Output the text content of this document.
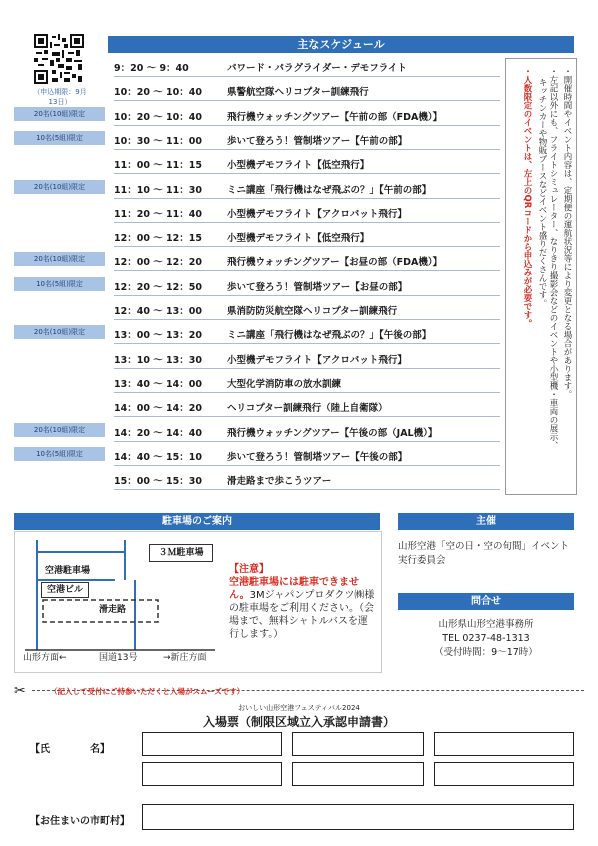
（申込期限：9月13日）
主なスケジュール
9：20 ～ 9：40	パワード・パラグライダー・デモフライト
10：20 ～ 10：40	県警航空隊ヘリコプター訓練飛行
20名(10組)限定	10：20 ～ 10：40	飛行機ウォッチングツアー【午前の部（FDA機）】
10名(5組)限定	10：30 ～ 11：00	歩いて登ろう！管制塔ツアー【午前の部】
11：00 ～ 11：15	小型機デモフライト【低空飛行】
20名(10組)限定	11：10 ～ 11：30	ミニ講座「飛行機はなぜ飛ぶの？」【午前の部】
11：20 ～ 11：40	小型機デモフライト【アクロバット飛行】
12：00 ～ 12：15	小型機デモフライト【低空飛行】
20名(10組)限定	12：00 ～ 12：20	飛行機ウォッチングツアー【お昼の部（FDA機）】
10名(5組)限定	12：20 ～ 12：50	歩いて登ろう！管制塔ツアー【お昼の部】
12：40 ～ 13：00	県消防防災航空隊ヘリコプター訓練飛行
20名(10組)限定	13：00 ～ 13：20	ミニ講座「飛行機はなぜ飛ぶの？」【午後の部】
13：10 ～ 13：30	小型機デモフライト【アクロバット飛行】
13：40 ～ 14：00	大型化学消防車の放水訓練
14：00 ～ 14：20	ヘリコプター訓練飛行（陸上自衛隊）
20名(10組)限定	14：20 ～ 14：40	飛行機ウォッチングツアー【午後の部（JAL機）】
10名(5組)限定	14：40 ～ 15：10	歩いて登ろう！管制塔ツアー【午後の部】
15：00 ～ 15：30	滑走路まで歩こうツアー
・開催時間やイベント内容は、定期便の運航状況等により変更となる場合があります。
・左記以外にも、フライトシミュレーター、なりきり撮影会などのイベントや小型機・車両の展示、
キッチンカーや物販ブースなどイベント盛りだくさんです。
・人数限定のイベントは、左上のQRコードから申込みが必要です。
駐車場のご案内
３Ｍ駐車場
空港駐車場
空港ビル
滑走路
山形方面←	国道13号	→新庄方面
【注意】
空港駐車場には駐車できません。3Mジャパンプロダクツ㈱様の駐車場をご利用ください。（会場まで、無料シャトルバスを運行します。）
主催
山形空港「空の日・空の旬間」イベント実行委員会
問合せ
山形県山形空港事務所
TEL 0237-48-1313
（受付時間：9～17時）
✂	（記入して受付にご持参いただくと入場がスムーズです）
おいしい山形空港フェスティバル2024
入場票（制限区域立入承認申請書）
【氏　　　　名】
【お住まいの市町村】
